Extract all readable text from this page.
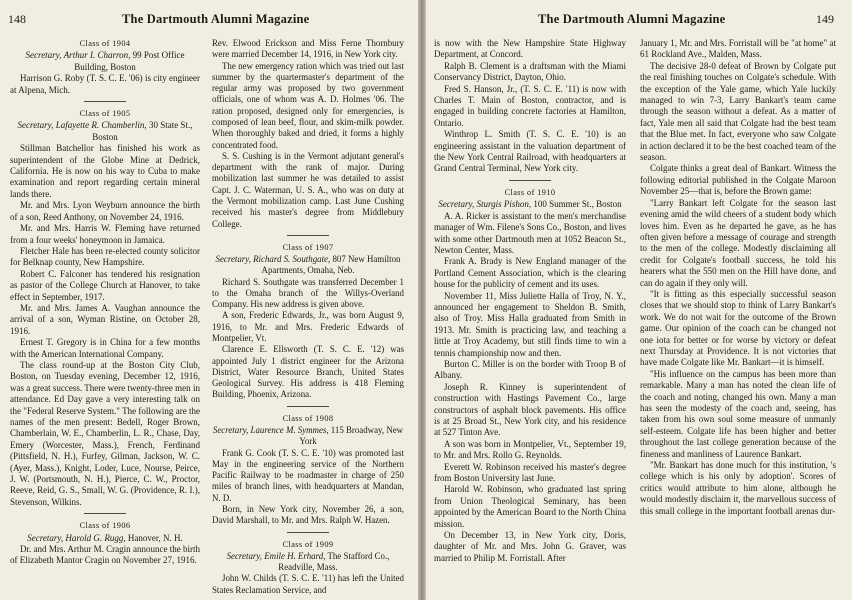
148	The Dartmouth Alumni Magazine
Class of 1904

Secretary, Arthur I. Charron, 99 Post Office Building, Boston

Harrison G. Roby (T. S. C. E. '06) is city engineer at Alpena, Mich.

Class of 1905

Secretary, Lafayette R. Chamberlin, 30 State St., Boston

Stillman Batchellor has finished his work as superintendent of the Globe Mine at Dedrick, California. He is now on his way to Cuba to make examination and report regarding certain mineral lands there.

Mr. and Mrs. Lyon Weyburn announce the birth of a son, Reed Anthony, on November 24, 1916.

Mr. and Mrs. Harris W. Fleming have returned from a four weeks' honeymoon in Jamaica.

Fletcher Hale has been re-elected county solicitor for Belknap county, New Hampshire.

Robert C. Falconer has tendered his resignation as pastor of the College Church at Hanover, to take effect in September, 1917.

Mr. and Mrs. James A. Vaughan announce the arrival of a son, Wyman Ristine, on October 28, 1916.

Ernest T. Gregory is in China for a few months with the American International Company.

The class round-up at the Boston City Club, Boston, on Tuesday evening, December 12, 1916, was a great success. There were twenty-three men in attendance. Ed Day gave a very interesting talk on the "Federal Reserve System." The following are the names of the men present: Bedell, Roger Brown, Chamberlain, W. E., Chamberlin, L. R., Chase, Day, Emery (Worcester, Mass.), French, Ferdinand (Pittsfield, N. H.), Furfey, Gilman, Jackson, W. C. (Ayer, Mass.), Knight, Loder, Luce, Nourse, Peirce, J. W. (Portsmouth, N. H.), Pierce, C. W., Proctor, Reeve, Reid, G. S., Small, W. G. (Providence, R. I.), Stevenson, Wilkins.

Class of 1906

Secretary, Harold G. Rugg, Hanover, N. H.

Dr. and Mrs. Arthur M. Cragin announce the birth of Elizabeth Mantor Cragin on November 27, 1916.

Rev. Elwood Erickson and Miss Ferne Thornbury were married December 14, 1916, in New York city.

The new emergency ration which was tried out last summer by the quartermaster's department of the regular army was proposed by two government officials, one of whom was A. D. Holmes '06. The ration proposed, designed only for emergencies, is composed of lean beef, flour, and skim-milk powder. When thoroughly baked and dried, it forms a highly concentrated food.

S. S. Cushing is in the Vermont adjutant general's department with the rank of major. During mobilization last summer he was detailed to assist Capt. J. C. Waterman, U. S. A., who was on duty at the Vermont mobilization camp. Last June Cushing received his master's degree from Middlebury College.

Class of 1907

Secretary, Richard S. Southgate, 807 New Hamilton Apartments, Omaha, Neb.

Richard S. Southgate was transferred December 1 to the Omaha branch of the Willys-Overland Company. His new address is given above.

A son, Frederic Edwards, Jr., was born August 9, 1916, to Mr. and Mrs. Frederic Edwards of Montpelier, Vt.

Clarence E. Ellsworth (T. S. C. E. '12) was appointed July 1 district engineer for the Arizona District, Water Resource Branch, United States Geological Survey. His address is 418 Fleming Building, Phoenix, Arizona.

Class of 1908

Secretary, Laurence M. Symmes, 115 Broadway, New York

Frank G. Cook (T. S. C. E. '10) was promoted last May in the engineering service of the Northern Pacific Railway to be roadmaster in charge of 250 miles of branch lines, with headquarters at Mandan, N. D.

Born, in New York city, November 26, a son, David Marshall, to Mr. and Mrs. Ralph W. Hazen.

Class of 1909

Secretary, Emile H. Erhard, The Stafford Co., Readville, Mass.

John W. Childs (T. S. C. E. '11) has left the United States Reclamation Service, and

The Dartmouth Alumni Magazine	149

is now with the New Hampshire State Highway Department, at Concord.

Ralph B. Clement is a draftsman with the Miami Conservancy District, Dayton, Ohio.

Fred S. Hanson, Jr., (T. S. C. E. '11) is now with Charles T. Main of Boston, contractor, and is engaged in building concrete factories at Hamilton, Ontario.

Winthrop L. Smith (T. S. C. E. '10) is an engineering assistant in the valuation department of the New York Central Railroad, with headquarters at Grand Central Terminal, New York city.

Class of 1910

Secretary, Sturgis Pishon, 100 Summer St., Boston

A. A. Ricker is assistant to the men's merchandise manager of Wm. Filene's Sons Co., Boston, and lives with some other Dartmouth men at 1052 Beacon St., Newton Center, Mass.

Frank A. Brady is New England manager of the Portland Cement Association, which is the clearing house for the publicity of cement and its uses.

November 11, Miss Juliette Halla of Troy, N. Y., announced her engagement to Sheldon B. Smith, also of Troy. Miss Halla graduated from Smith in 1913. Mr. Smith is practicing law, and teaching a little at Troy Academy, but still finds time to win a tennis championship now and then.

Burton C. Miller is on the border with Troop B of Albany.

Joseph R. Kinney is superintendent of construction with Hastings Pavement Co., large constructors of asphalt block pavements. His office is at 25 Broad St., New York city, and his residence at 527 Tinton Ave.

A son was born in Montpelier, Vt., September 19, to Mr. and Mrs. Rollo G. Reynolds.

Everett W. Robinson received his master's degree from Boston University last June.

Harold W. Robinson, who graduated last spring from Union Theological Seminary, has been appointed by the American Board to the North China mission.

On December 13, in New York city, Doris, daughter of Mr. and Mrs. John G. Graver, was married to Philip M. Forristall. After

January 1, Mr. and Mrs. Forristall will be "at home" at 61 Rockland Ave., Malden, Mass.

The decisive 28-0 defeat of Brown by Colgate put the real finishing touches on Colgate's schedule. With the exception of the Yale game, which Yale luckily managed to win 7-3, Larry Bankart's team came through the season without a defeat. As a matter of fact, Yale men all said that Colgate had the best team that the Blue met. In fact, everyone who saw Colgate in action declared it to be the best coached team of the season.

Colgate thinks a great deal of Bankart. Witness the following editorial published in the Colgate Maroon November 25—that is, before the Brown game:

"Larry Bankart left Colgate for the season last evening amid the wild cheers of a student body which loves him. Even as he departed he gave, as he has often given before a message of courage and strength to the men of the college. Modestly disclaiming all credit for Colgate's football success, he told his hearers what the 550 men on the Hill have done, and can do again if they only will.

"It is fitting as this especially successful season closes that we should stop to think of Larry Bankart's work. We do not wait for the outcome of the Brown game. Our opinion of the coach can be changed not one iota for better or for worse by victory or defeat next Thursday at Providence. It is not victories that have made Colgate like Mr. Bankart—it is himself.

"His influence on the campus has been more than remarkable. Many a man has noted the clean life of the coach and noting, changed his own. Many a man has seen the modesty of the coach and, seeing, has taken from his own soul some measure of unmanly self-esteem. Colgate life has been higher and better throughout the last college generation because of the fineness and manliness of Laurence Bankart.

"Mr. Bankart has done much for this institution, 's college which is his only by adoption'. Scores of critics would attribute to him alone, although he would modestly disclaim it, the marvellous success of this small college in the important football arenas dur-
